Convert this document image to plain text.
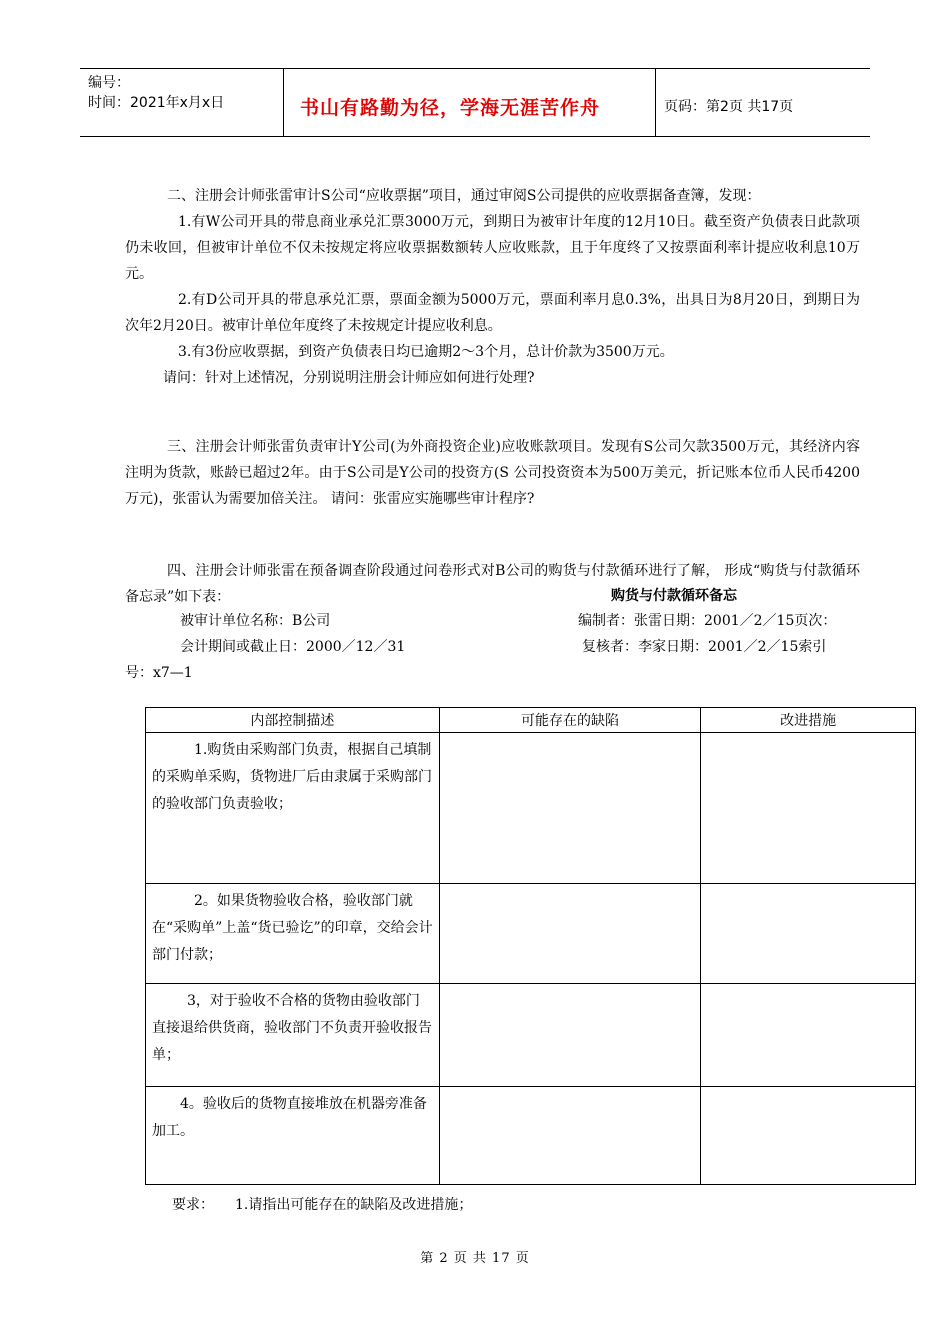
编号：
时间：2021年x月x日	书山有路勤为径，学海无涯苦作舟	页码：第2页 共17页

二、注册会计师张雷审计S公司“应收票据”项目，通过审阅S公司提供的应收票据备查簿，发现：

1.有W公司开具的带息商业承兑汇票3000万元，到期日为被审计年度的12月10日。截至资产负债表日此款项仍未收回，但被审计单位不仅未按规定将应收票据数额转人应收账款，且于年度终了又按票面利率计提应收利息10万元。

2.有D公司开具的带息承兑汇票，票面金额为5000万元，票面利率月息0.3%，出具日为8月20日，到期日为次年2月20日。被审计单位年度终了未按规定计提应收利息。

3.有3份应收票据，到资产负债表日均已逾期2～3个月，总计价款为3500万元。

请问：针对上述情况，分别说明注册会计师应如何进行处理?

三、注册会计师张雷负责审计Y公司(为外商投资企业)应收账款项目。发现有S公司欠款3500万元，其经济内容注明为货款，账龄已超过2年。由于S公司是Y公司的投资方(S 公司投资资本为500万美元，折记账本位币人民币4200万元)，张雷认为需要加倍关注。 请问：张雷应实施哪些审计程序?

四、注册会计师张雷在预备调查阶段通过问卷形式对B公司的购货与付款循环进行了解， 形成“购货与付款循环备忘录”如下表：	购货与付款循环备忘
被审计单位名称：B公司	编制者：张雷日期：2001／2／15页次：
会计期间或截止日：2000／12／31	复核者：李家日期：2001／2／15索引
号：x7—1
内部控制描述	可能存在的缺陷	改进措施
1.购货由采购部门负责，根据自己填制的采购单采购，货物进厂后由隶属于采购部门的验收部门负责验收；		
2。如果货物验收合格，验收部门就在“采购单”上盖“货已验讫”的印章，交给会计部门付款；		
3，对于验收不合格的货物由验收部门直接退给供货商，验收部门不负责开验收报告单；		
4。验收后的货物直接堆放在机器旁准备加工。		
要求： 1.请指出可能存在的缺陷及改进措施；
第 2 页 共 17 页
